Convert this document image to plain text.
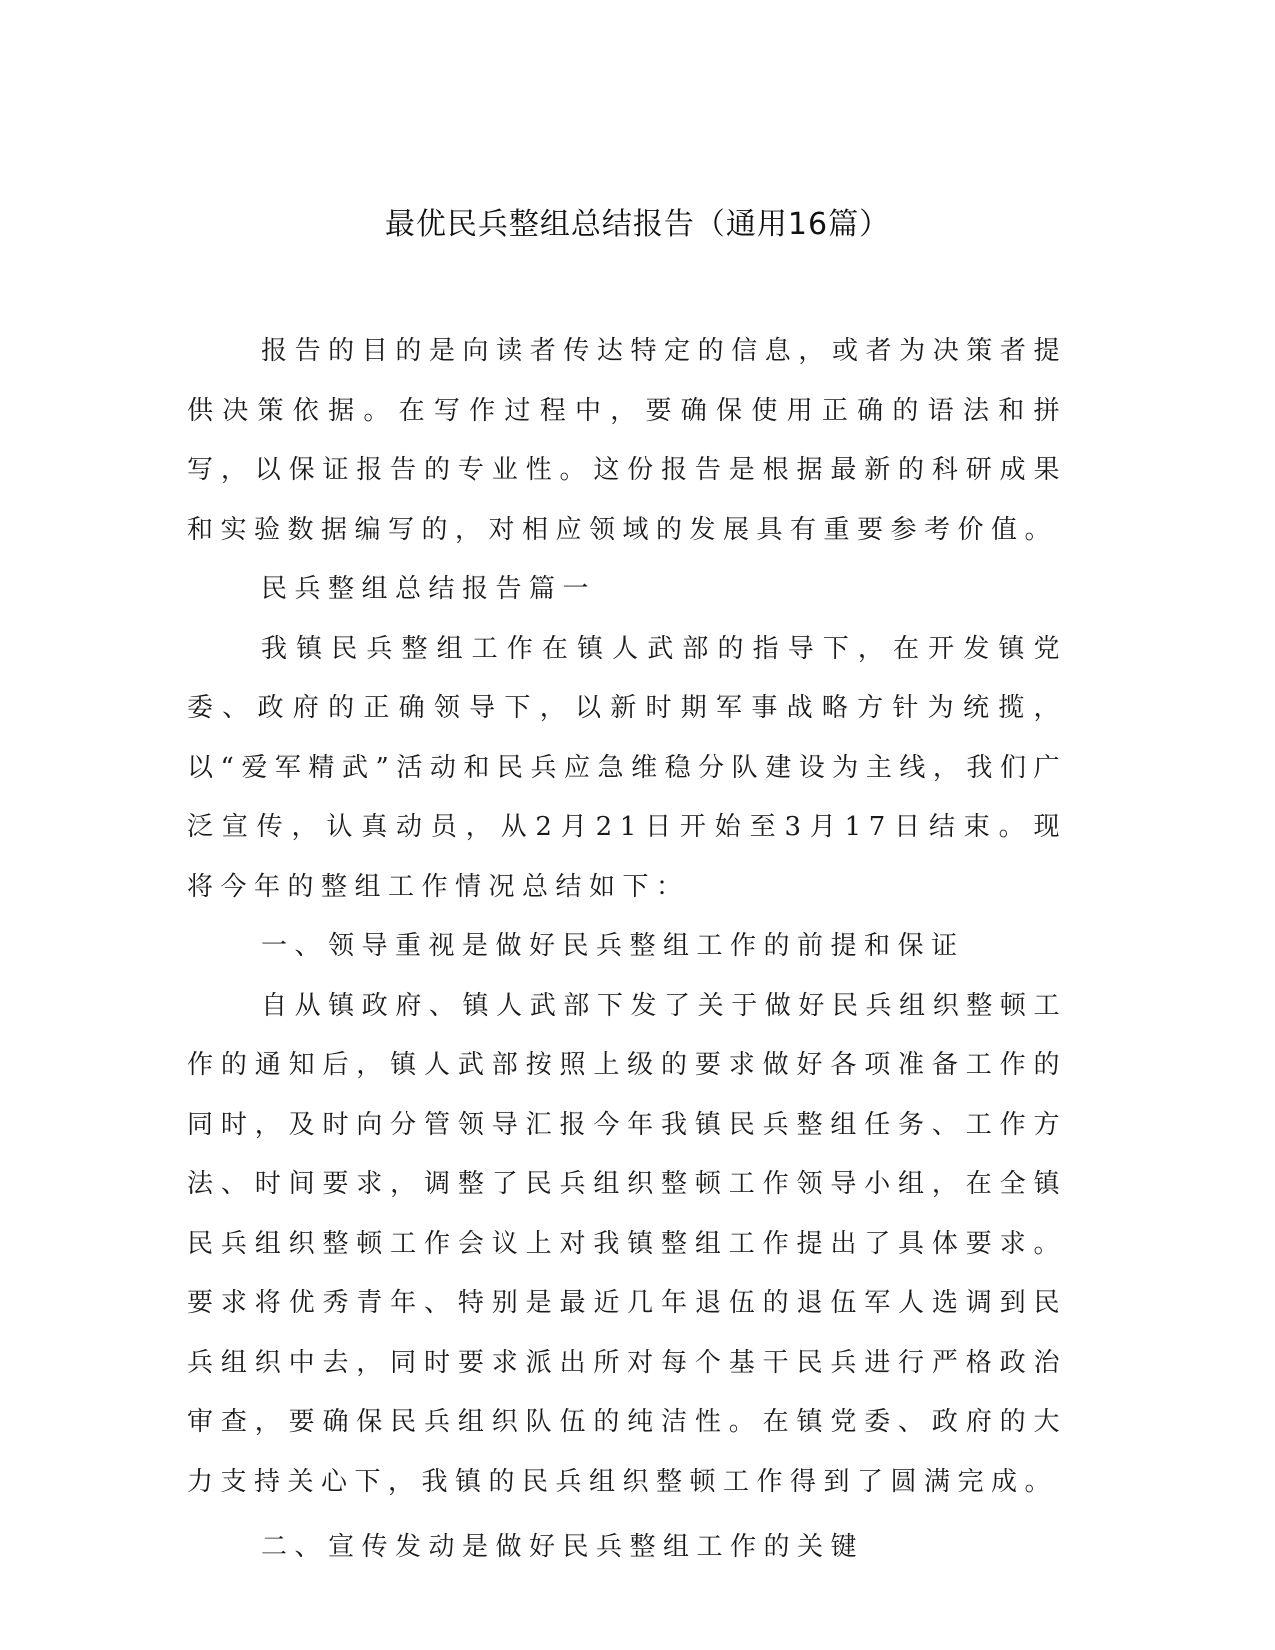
最优民兵整组总结报告（通用16篇）

报告的目的是向读者传达特定的信息，或者为决策者提供决策依据。在写作过程中，要确保使用正确的语法和拼写，以保证报告的专业性。这份报告是根据最新的科研成果和实验数据编写的，对相应领域的发展具有重要参考价值。

民兵整组总结报告篇一

我镇民兵整组工作在镇人武部的指导下，在开发镇党委、政府的正确领导下，以新时期军事战略方针为统揽，以“爱军精武”活动和民兵应急维稳分队建设为主线，我们广泛宣传，认真动员，从2月21日开始至3月17日结束。现将今年的整组工作情况总结如下：

一、领导重视是做好民兵整组工作的前提和保证

自从镇政府、镇人武部下发了关于做好民兵组织整顿工作的通知后，镇人武部按照上级的要求做好各项准备工作的同时，及时向分管领导汇报今年我镇民兵整组任务、工作方法、时间要求，调整了民兵组织整顿工作领导小组，在全镇民兵组织整顿工作会议上对我镇整组工作提出了具体要求。要求将优秀青年、特别是最近几年退伍的退伍军人选调到民兵组织中去，同时要求派出所对每个基干民兵进行严格政治审查，要确保民兵组织队伍的纯洁性。在镇党委、政府的大力支持关心下，我镇的民兵组织整顿工作得到了圆满完成。

二、宣传发动是做好民兵整组工作的关键
